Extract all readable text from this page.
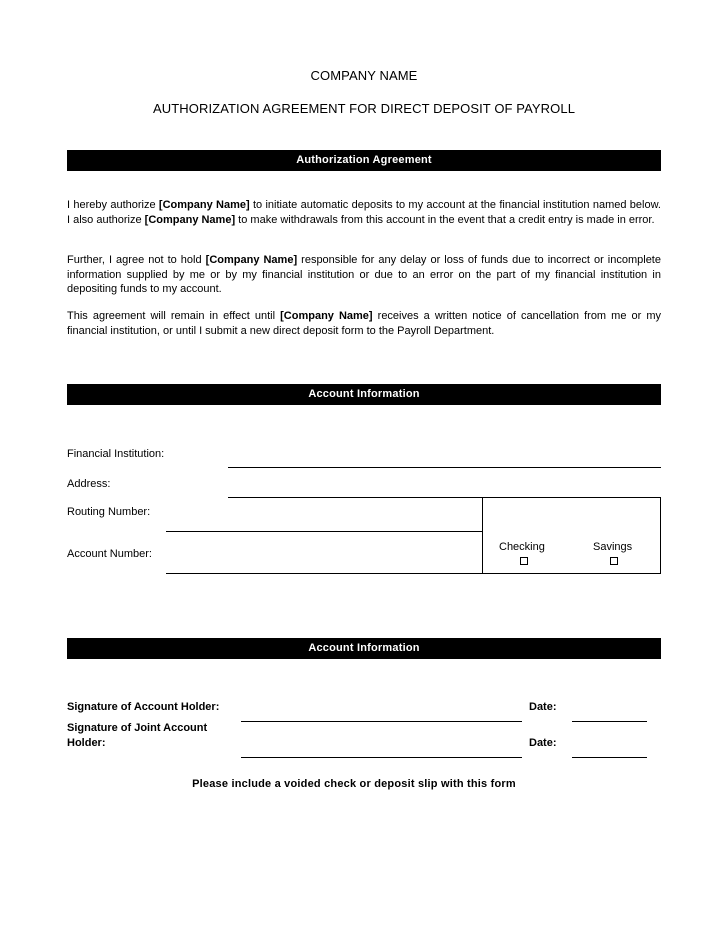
COMPANY NAME
AUTHORIZATION AGREEMENT FOR DIRECT DEPOSIT OF PAYROLL
Authorization Agreement

I hereby authorize [Company Name] to initiate automatic deposits to my account at the financial institution named below. I also authorize [Company Name] to make withdrawals from this account in the event that a credit entry is made in error.

Further, I agree not to hold [Company Name] responsible for any delay or loss of funds due to incorrect or incomplete information supplied by me or by my financial institution or due to an error on the part of my financial institution in depositing funds to my account.

This agreement will remain in effect until [Company Name] receives a written notice of cancellation from me or my financial institution, or until I submit a new direct deposit form to the Payroll Department.

Account Information
Financial Institution:
Address:
Routing Number:
Account Number:
Checking	Savings
Account Information
Signature of Account Holder:	Date:
Signature of Joint Account
Holder:	Date:
Please include a voided check or deposit slip with this form
